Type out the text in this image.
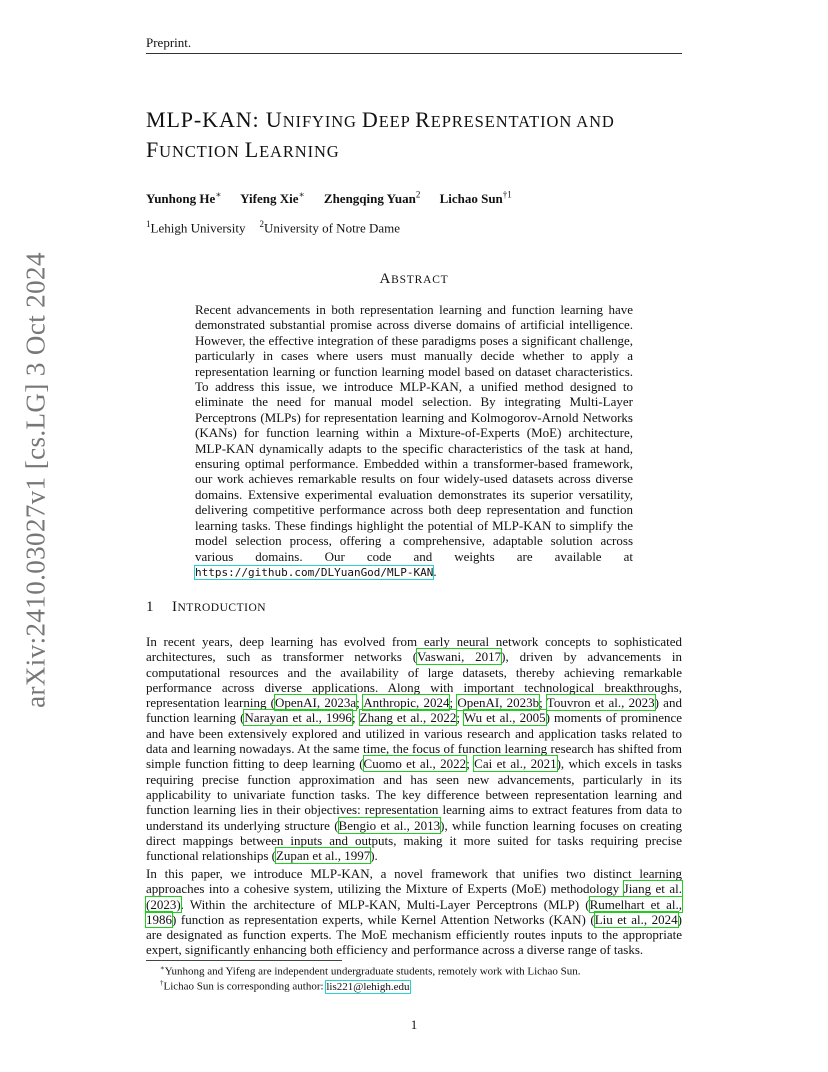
Preprint.
arXiv:2410.03027v1 [cs.LG] 3 Oct 2024
MLP-KAN: UNIFYING DEEP REPRESENTATION AND
FUNCTION LEARNING
Yunhong He∗ Yifeng Xie∗ Zhengqing Yuan$^2$ Lichao Sun$^{\dagger 1}$
$^1$Lehigh University $^2$University of Notre Dame
ABSTRACT
Recent advancements in both representation learning and function learning have demonstrated substantial promise across diverse domains of artificial intelligence. However, the effective integration of these paradigms poses a significant challenge, particularly in cases where users must manually decide whether to apply a representation learning or function learning model based on dataset characteristics. To address this issue, we introduce MLP-KAN, a unified method designed to eliminate the need for manual model selection. By integrating Multi-Layer Perceptrons (MLPs) for representation learning and Kolmogorov-Arnold Networks (KANs) for function learning within a Mixture-of-Experts (MoE) architecture, MLP-KAN dynamically adapts to the specific characteristics of the task at hand, ensuring optimal performance. Embedded within a transformer-based framework, our work achieves remarkable results on four widely-used datasets across diverse domains. Extensive experimental evaluation demonstrates its superior versatility, delivering competitive performance across both deep representation and function learning tasks. These findings highlight the potential of MLP-KAN to simplify the model selection process, offering a comprehensive, adaptable solution across various domains. Our code and weights are available at https://github.com/DLYuanGod/MLP-KAN.
1 INTRODUCTION
In recent years, deep learning has evolved from early neural network concepts to sophisticated architectures, such as transformer networks (Vaswani, 2017), driven by advancements in computational resources and the availability of large datasets, thereby achieving remarkable performance across diverse applications. Along with important technological breakthroughs, representation learning (OpenAI, 2023a; Anthropic, 2024; OpenAI, 2023b; Touvron et al., 2023) and function learning (Narayan et al., 1996; Zhang et al., 2022; Wu et al., 2005) moments of prominence and have been extensively explored and utilized in various research and application tasks related to data and learning nowadays. At the same time, the focus of function learning research has shifted from simple function fitting to deep learning (Cuomo et al., 2022; Cai et al., 2021), which excels in tasks requiring precise function approximation and has seen new advancements, particularly in its applicability to univariate function tasks. The key difference between representation learning and function learning lies in their objectives: representation learning aims to extract features from data to understand its underlying structure (Bengio et al., 2013), while function learning focuses on creating direct mappings between inputs and outputs, making it more suited for tasks requiring precise functional relationships (Zupan et al., 1997).
In this paper, we introduce MLP-KAN, a novel framework that unifies two distinct learning approaches into a cohesive system, utilizing the Mixture of Experts (MoE) methodology Jiang et al. (2023). Within the architecture of MLP-KAN, Multi-Layer Perceptrons (MLP) (Rumelhart et al., 1986) function as representation experts, while Kernel Attention Networks (KAN) (Liu et al., 2024) are designated as function experts. The MoE mechanism efficiently routes inputs to the appropriate expert, significantly enhancing both efficiency and performance across a diverse range of tasks.
∗Yunhong and Yifeng are independent undergraduate students, remotely work with Lichao Sun.
†Lichao Sun is corresponding author: lis221@lehigh.edu
1
